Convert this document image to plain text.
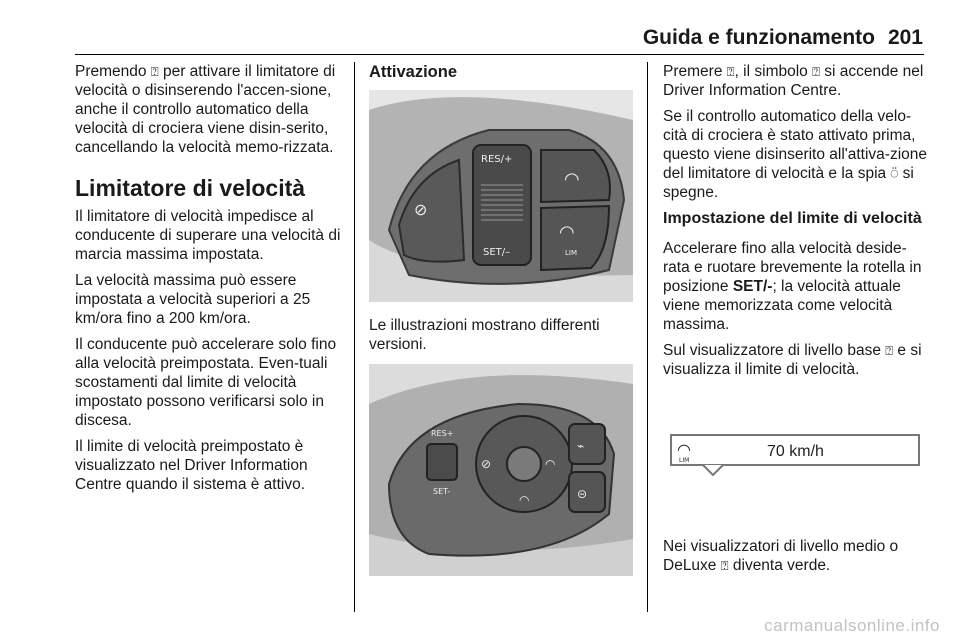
Guida e funzionamento 201

Premendo ⍰ per attivare il limitatore di velocità o disinserendo l'accen-sione, anche il controllo automatico della velocità di crociera viene disin-serito, cancellando la velocità memo-rizzata.

Limitatore di velocità

Il limitatore di velocità impedisce al conducente di superare una velocità di marcia massima impostata.

La velocità massima può essere impostata a velocità superiori a 25 km/ora fino a 200 km/ora.

Il conducente può accelerare solo fino alla velocità preimpostata. Even-tuali scostamenti dal limite di velocità impostato possono verificarsi solo in discesa.

Il limite di velocità preimpostato è visualizzato nel Driver Information Centre quando il sistema è attivo.

Attivazione
⊘
RES/+
SET/–
◠
◠
LIM

Le illustrazioni mostrano differenti versioni.

RES+
SET-
⊘	◠
◠
⌁
⊝

Premere ⍰, il simbolo ⍰ si accende nel Driver Information Centre.

Se il controllo automatico della velo-cità di crociera è stato attivato prima, questo viene disinserito all'attiva-zione del limitatore di velocità e la spia ⍥ si spegne.

Impostazione del limite di velocità

Accelerare fino alla velocità deside-rata e ruotare brevemente la rotella in posizione SET/-; la velocità attuale viene memorizzata come velocità massima.

Sul visualizzatore di livello base ⍰ e si visualizza il limite di velocità.

◠
LIM
70 km/h

Nei visualizzatori di livello medio o DeLuxe ⍰ diventa verde.

carmanualsonline.info
